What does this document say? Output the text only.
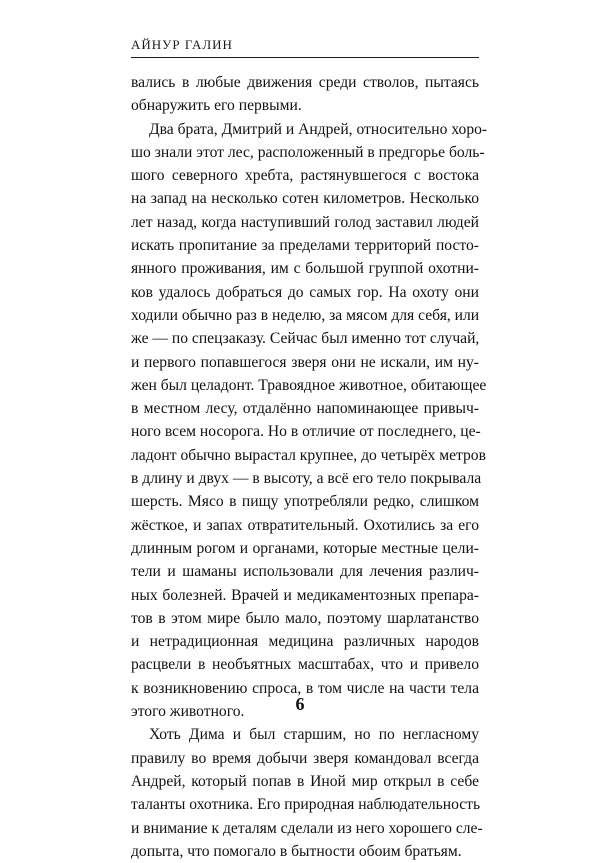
АЙНУР ГАЛИН
вались в любые движения среди стволов, пытаясь
обнаружить его первыми.
Два брата, Дмитрий и Андрей, относительно хоро-
шо знали этот лес, расположенный в предгорье боль-
шого северного хребта, растянувшегося с востока
на запад на несколько сотен километров. Несколько
лет назад, когда наступивший голод заставил людей
искать пропитание за пределами территорий посто-
янного проживания, им с большой группой охотни-
ков удалось добраться до самых гор. На охоту они
ходили обычно раз в неделю, за мясом для себя, или
же — по спецзаказу. Сейчас был именно тот случай,
и первого попавшегося зверя они не искали, им ну-
жен был целадонт. Травоядное животное, обитающее
в местном лесу, отдалённо напоминающее привыч-
ного всем носорога. Но в отличие от последнего, це-
ладонт обычно вырастал крупнее, до четырёх метров
в длину и двух — в высоту, а всё его тело покрывала
шерсть. Мясо в пищу употребляли редко, слишком
жёсткое, и запах отвратительный. Охотились за его
длинным рогом и органами, которые местные цели-
тели и шаманы использовали для лечения различ-
ных болезней. Врачей и медикаментозных препара-
тов в этом мире было мало, поэтому шарлатанство
и нетрадиционная медицина различных народов
расцвели в необъятных масштабах, что и привело
к возникновению спроса, в том числе на части тела
этого животного.
Хоть Дима и был старшим, но по негласному
правилу во время добычи зверя командовал всегда
Андрей, который попав в Иной мир открыл в себе
таланты охотника. Его природная наблюдательность
и внимание к деталям сделали из него хорошего сле-
допыта, что помогало в бытности обоим братьям.
6
